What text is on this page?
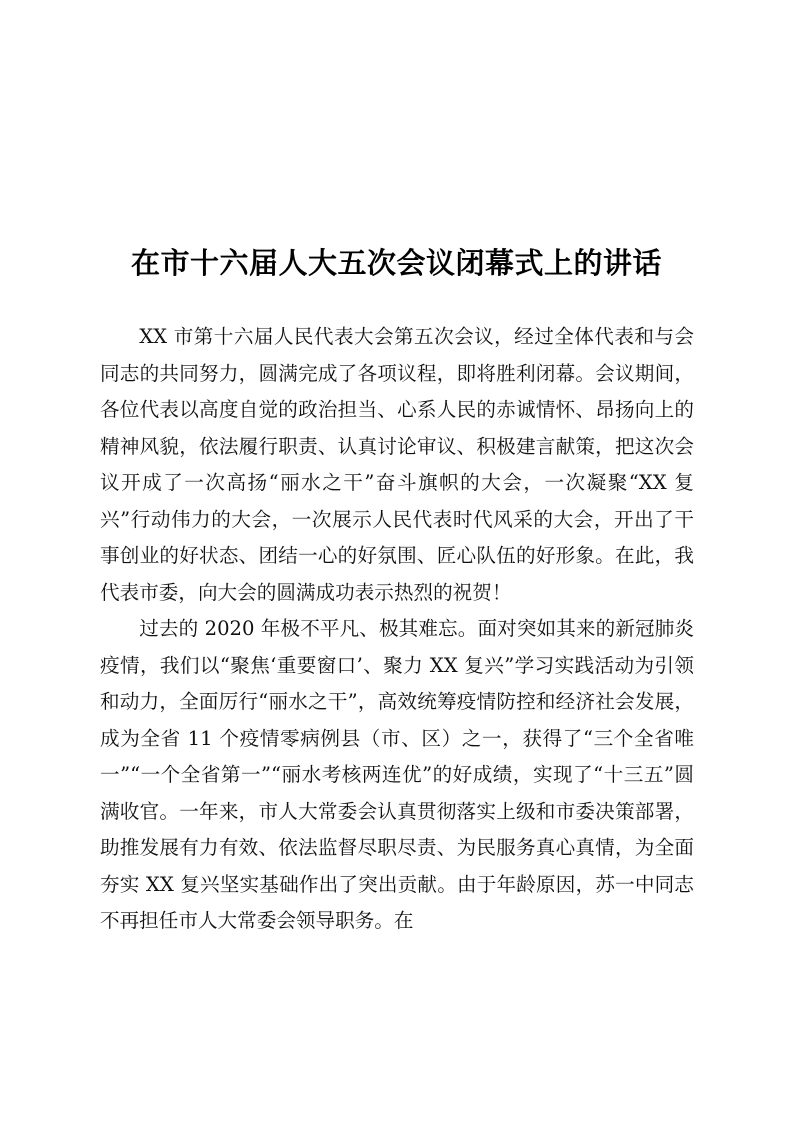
在市十六届人大五次会议闭幕式上的讲话

XX 市第十六届人民代表大会第五次会议，经过全体代表和与会同志的共同努力，圆满完成了各项议程，即将胜利闭幕。会议期间，各位代表以高度自觉的政治担当、心系人民的赤诚情怀、昂扬向上的精神风貌，依法履行职责、认真讨论审议、积极建言献策，把这次会议开成了一次高扬“丽水之干”奋斗旗帜的大会，一次凝聚“XX 复兴”行动伟力的大会，一次展示人民代表时代风采的大会，开出了干事创业的好状态、团结一心的好氛围、匠心队伍的好形象。在此，我代表市委，向大会的圆满成功表示热烈的祝贺！

过去的 2020 年极不平凡、极其难忘。面对突如其来的新冠肺炎疫情，我们以“聚焦‘重要窗口’、聚力 XX 复兴”学习实践活动为引领和动力，全面厉行“丽水之干”，高效统筹疫情防控和经济社会发展，成为全省 11 个疫情零病例县（市、区）之一，获得了“三个全省唯一”“一个全省第一”“丽水考核两连优”的好成绩，实现了“十三五”圆满收官。一年来，市人大常委会认真贯彻落实上级和市委决策部署，助推发展有力有效、依法监督尽职尽责、为民服务真心真情，为全面夯实 XX 复兴坚实基础作出了突出贡献。由于年龄原因，苏一中同志不再担任市人大常委会领导职务。在
